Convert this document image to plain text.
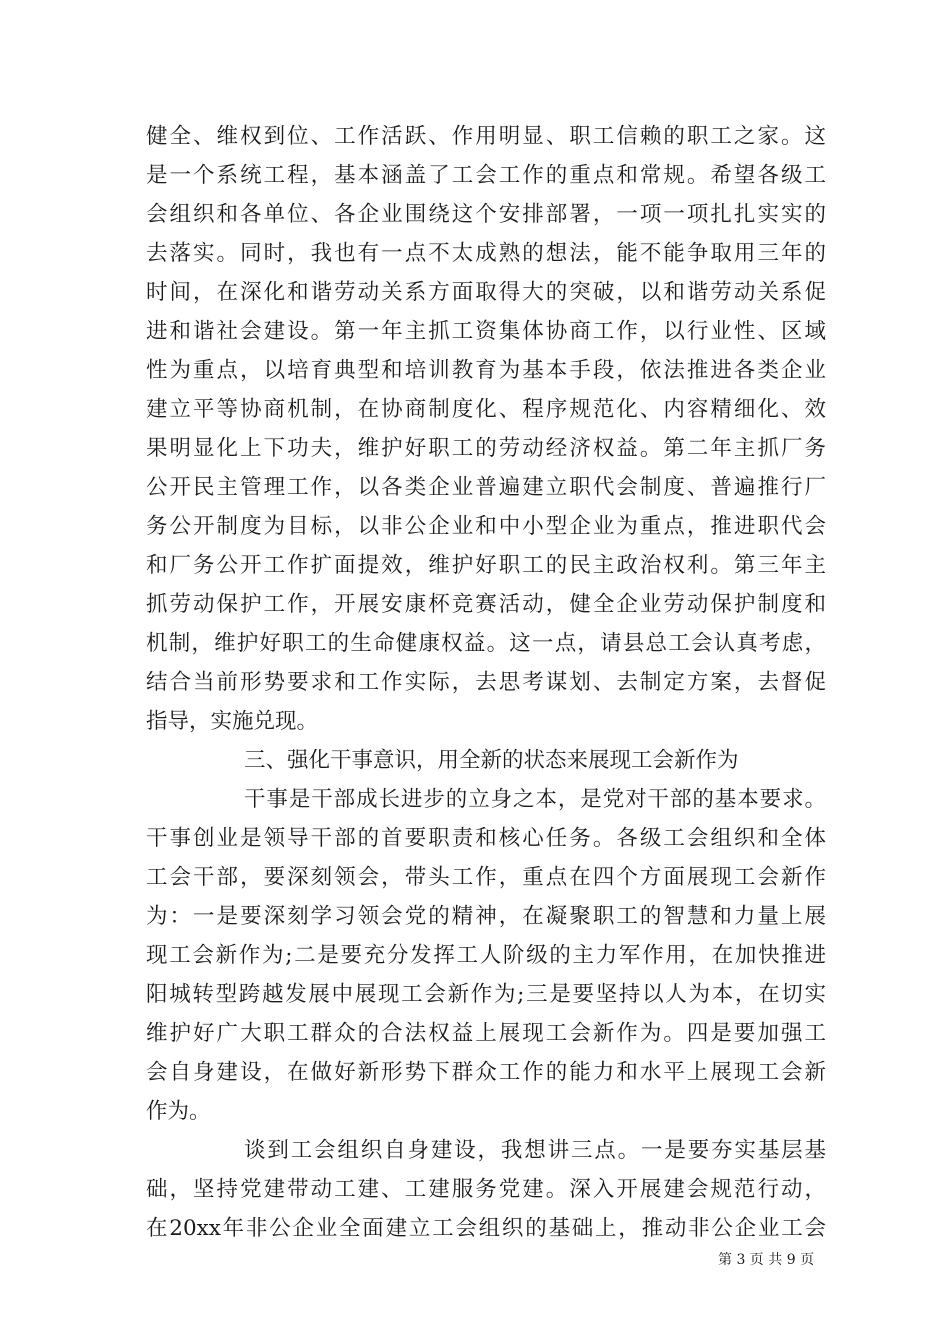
健全、维权到位、工作活跃、作用明显、职工信赖的职工之家。这
是一个系统工程，基本涵盖了工会工作的重点和常规。希望各级工
会组织和各单位、各企业围绕这个安排部署，一项一项扎扎实实的
去落实。同时，我也有一点不太成熟的想法，能不能争取用三年的
时间，在深化和谐劳动关系方面取得大的突破，以和谐劳动关系促
进和谐社会建设。第一年主抓工资集体协商工作，以行业性、区域
性为重点，以培育典型和培训教育为基本手段，依法推进各类企业
建立平等协商机制，在协商制度化、程序规范化、内容精细化、效
果明显化上下功夫，维护好职工的劳动经济权益。第二年主抓厂务
公开民主管理工作，以各类企业普遍建立职代会制度、普遍推行厂
务公开制度为目标，以非公企业和中小型企业为重点，推进职代会
和厂务公开工作扩面提效，维护好职工的民主政治权利。第三年主
抓劳动保护工作，开展安康杯竞赛活动，健全企业劳动保护制度和
机制，维护好职工的生命健康权益。这一点，请县总工会认真考虑，
结合当前形势要求和工作实际，去思考谋划、去制定方案，去督促
指导，实施兑现。
三、强化干事意识，用全新的状态来展现工会新作为
干事是干部成长进步的立身之本，是党对干部的基本要求。
干事创业是领导干部的首要职责和核心任务。各级工会组织和全体
工会干部，要深刻领会，带头工作，重点在四个方面展现工会新作
为：一是要深刻学习领会党的精神，在凝聚职工的智慧和力量上展
现工会新作为;二是要充分发挥工人阶级的主力军作用，在加快推进
阳城转型跨越发展中展现工会新作为;三是要坚持以人为本，在切实
维护好广大职工群众的合法权益上展现工会新作为。四是要加强工
会自身建设，在做好新形势下群众工作的能力和水平上展现工会新
作为。
谈到工会组织自身建设，我想讲三点。一是要夯实基层基
础，坚持党建带动工建、工建服务党建。深入开展建会规范行动，
在20xx年非公企业全面建立工会组织的基础上，推动非公企业工会
第 3 页 共 9 页
